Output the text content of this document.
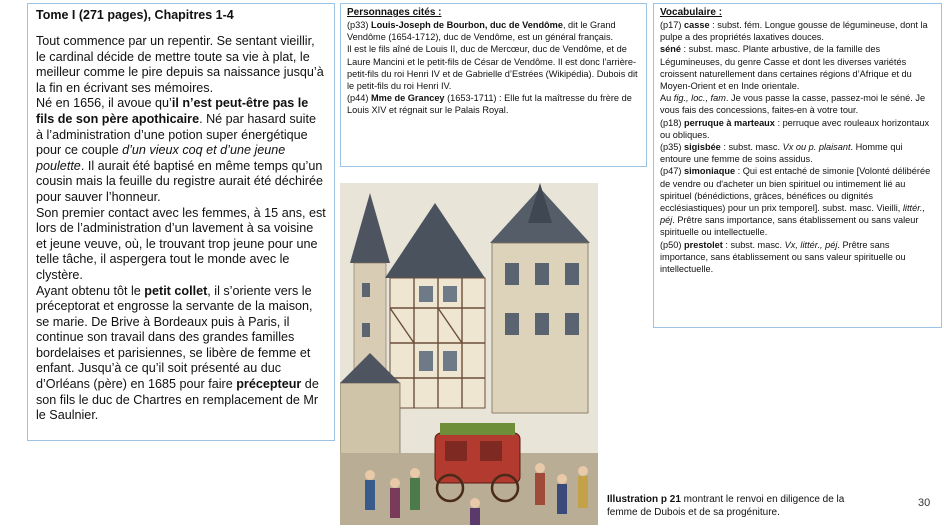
Tome I (271 pages), Chapitres 1-4

Tout commence par un repentir. Se sentant vieillir, le cardinal décide de mettre toute sa vie à plat, le meilleur comme le pire depuis sa naissance jusqu’à la fin en écrivant ses mémoires.

Né en 1656, il avoue qu’il n’est peut-être pas le fils de son père apothicaire. Né par hasard suite à l’administration d’une potion super énergétique pour ce couple d’un vieux coq et d’une jeune poulette. Il aurait été baptisé en même temps qu’un cousin mais la feuille du registre aurait été déchirée pour sauver l’honneur.

Son premier contact avec les femmes, à 15 ans, est lors de l’administration d’un lavement à sa voisine et jeune veuve, où, le trouvant trop jeune pour une telle tâche, il aspergera tout le monde avec le clystère.

Ayant obtenu tôt le petit collet, il s’oriente vers le préceptorat et engrosse la servante de la maison, se marie. De Brive à Bordeaux puis à Paris, il continue son travail dans des grandes familles bordelaises et parisiennes, se libère de femme et enfant. Jusqu’à ce qu’il soit présenté au duc d’Orléans (père) en 1685 pour faire précepteur de son fils le duc de Chartres en remplacement de Mr le Saulnier.

Personnages cités :

(p33) Louis-Joseph de Bourbon, duc de Vendôme, dit le Grand Vendôme (1654-1712), duc de Vendôme, est un général français.

Il est le fils aîné de Louis II, duc de Mercœur, duc de Vendôme, et de Laure Mancini et le petit-fils de César de Vendôme. Il est donc l’arrière-petit-fils du roi Henri IV et de Gabrielle d’Estrées (Wikipédia). Dubois dit le petit-fils du roi Henri IV.

(p44) Mme de Grancey (1653-1711) : Elle fut la maîtresse du frère de Louis XIV et régnait sur le Palais Royal.

Vocabulaire :

(p17) casse : subst. fém. Longue gousse de légumineuse, dont la pulpe a des propriétés laxatives douces.

séné : subst. masc. Plante arbustive, de la famille des Légumineuses, du genre Casse et dont les diverses variétés croissent naturellement dans certaines régions d’Afrique et du Moyen-Orient et en Inde orientale.

Au fig., loc., fam. Je vous passe la casse, passez-moi le séné. Je vous fais des concessions, faites-en à votre tour.

(p18) perruque à marteaux : perruque avec rouleaux horizontaux ou obliques.

(p35) sigisbée : subst. masc. Vx ou p. plaisant. Homme qui entoure une femme de soins assidus.

(p47) simoniaque : Qui est entaché de simonie [Volonté délibérée de vendre ou d'acheter un bien spirituel ou intimement lié au spirituel (bénédictions, grâces, bénéfices ou dignités ecclésiastiques) pour un prix temporel]. subst. masc. Vieilli, littér., péj. Prêtre sans importance, sans établissement ou sans valeur spirituelle ou intellectuelle.

(p50) prestolet : subst. masc. Vx, littér., péj. Prêtre sans importance, sans établissement ou sans valeur spirituelle ou intellectuelle.

Illustration p 21 montrant le renvoi en diligence de la femme de Dubois et de sa progéniture.
30
